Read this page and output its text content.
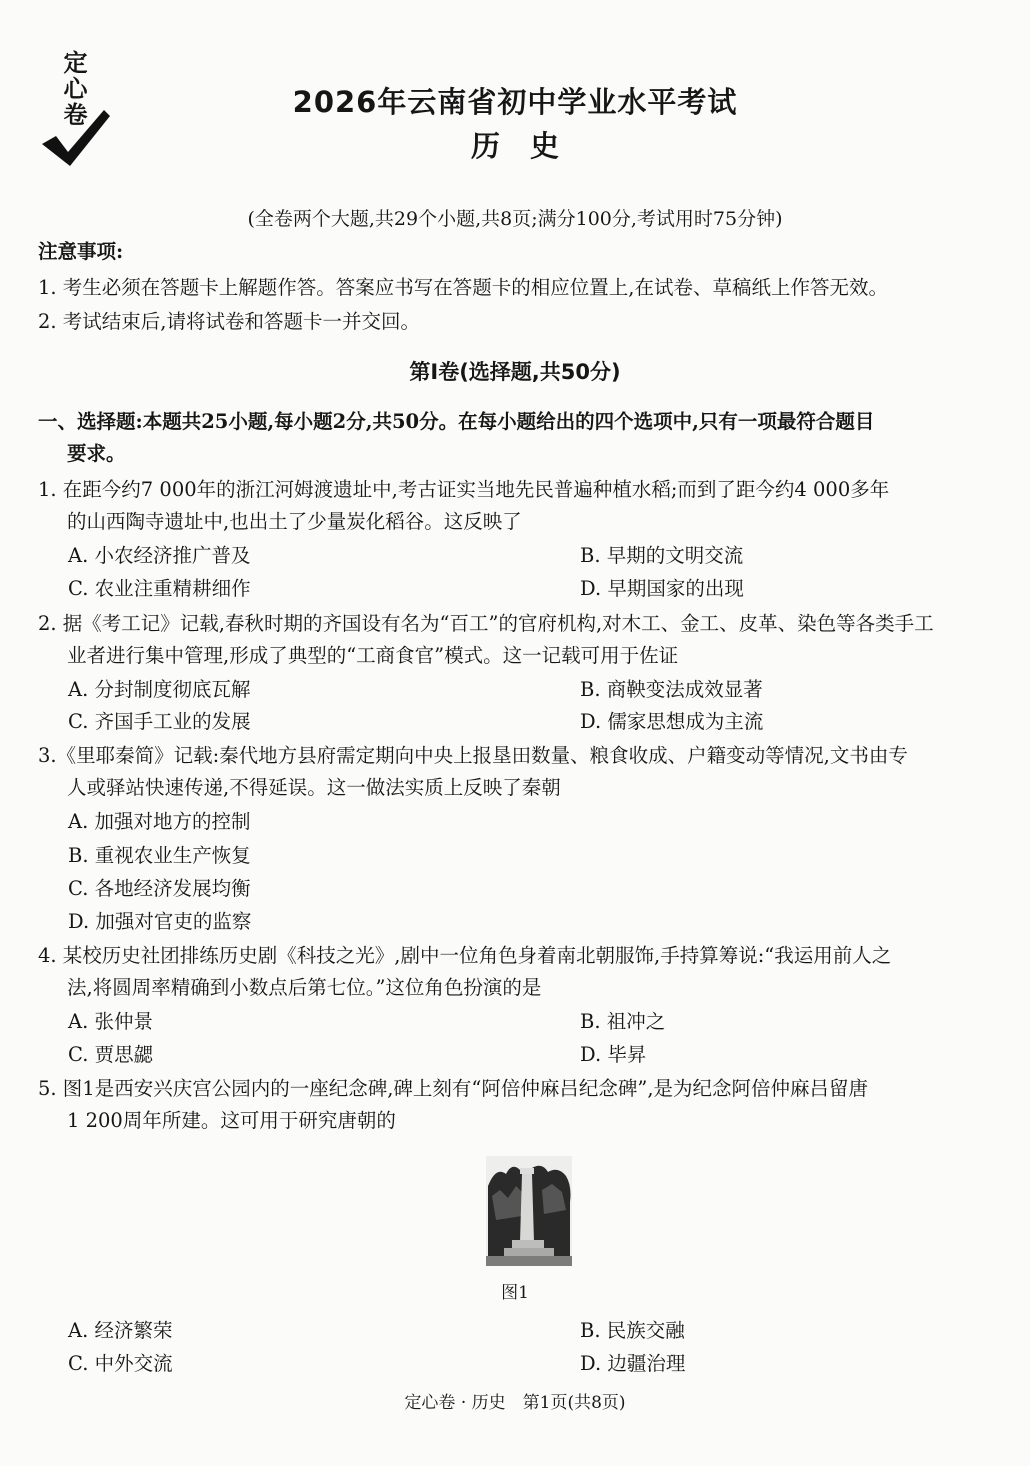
定心卷	2026年云南省初中学业水平考试
历史
(全卷两个大题,共29个小题,共8页;满分100分,考试用时75分钟)
注意事项:
1. 考生必须在答题卡上解题作答。答案应书写在答题卡的相应位置上,在试卷、草稿纸上作答无效。
2. 考试结束后,请将试卷和答题卡一并交回。
第Ⅰ卷(选择题,共50分)
一、选择题:本题共25小题,每小题2分,共50分。在每小题给出的四个选项中,只有一项最符合题目
要求。
1. 在距今约7 000年的浙江河姆渡遗址中,考古证实当地先民普遍种植水稻;而到了距今约4 000多年
的山西陶寺遗址中,也出土了少量炭化稻谷。这反映了
A. 小农经济推广普及	B. 早期的文明交流
C. 农业注重精耕细作	D. 早期国家的出现
2. 据《考工记》记载,春秋时期的齐国设有名为“百工”的官府机构,对木工、金工、皮革、染色等各类手工
业者进行集中管理,形成了典型的“工商食官”模式。这一记载可用于佐证
A. 分封制度彻底瓦解	B. 商鞅变法成效显著
C. 齐国手工业的发展	D. 儒家思想成为主流
3.《里耶秦简》记载:秦代地方县府需定期向中央上报垦田数量、粮食收成、户籍变动等情况,文书由专
人或驿站快速传递,不得延误。这一做法实质上反映了秦朝
A. 加强对地方的控制
B. 重视农业生产恢复
C. 各地经济发展均衡
D. 加强对官吏的监察
4. 某校历史社团排练历史剧《科技之光》,剧中一位角色身着南北朝服饰,手持算筹说:“我运用前人之
法,将圆周率精确到小数点后第七位。”这位角色扮演的是
A. 张仲景	B. 祖冲之
C. 贾思勰	D. 毕昇
5. 图1是西安兴庆宫公园内的一座纪念碑,碑上刻有“阿倍仲麻吕纪念碑”,是为纪念阿倍仲麻吕留唐
1 200周年所建。这可用于研究唐朝的
图1
A. 经济繁荣	B. 民族交融
C. 中外交流	D. 边疆治理
定心卷 · 历史　第1页(共8页)
